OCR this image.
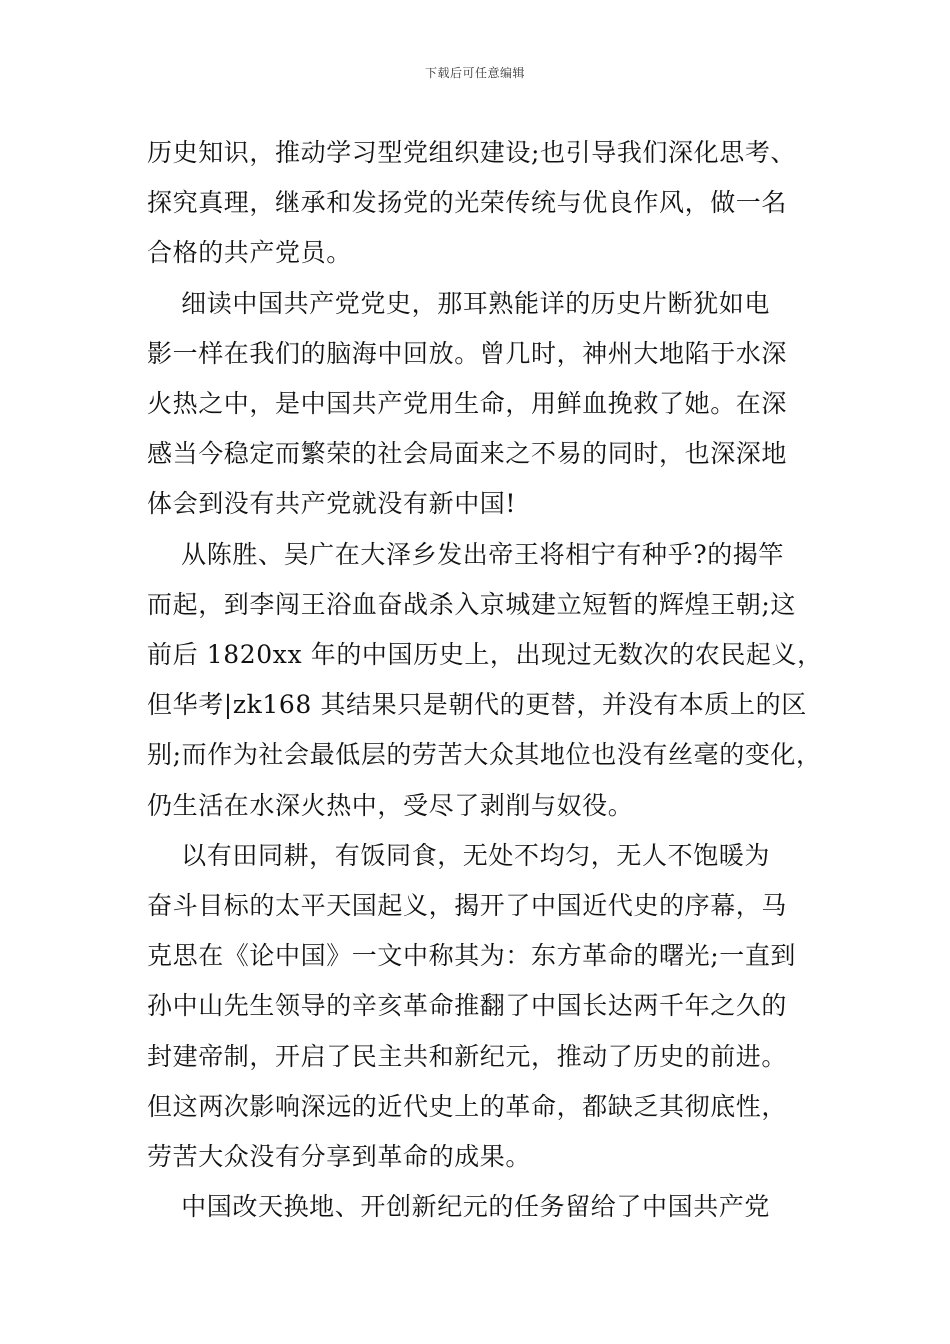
下载后可任意编辑

历史知识，推动学习型党组织建设;也引导我们深化思考、
探究真理，继承和发扬党的光荣传统与优良作风，做一名
合格的共产党员。

细读中国共产党党史，那耳熟能详的历史片断犹如电
影一样在我们的脑海中回放。曾几时，神州大地陷于水深
火热之中，是中国共产党用生命，用鲜血挽救了她。在深
感当今稳定而繁荣的社会局面来之不易的同时，也深深地
体会到没有共产党就没有新中国!

从陈胜、吴广在大泽乡发出帝王将相宁有种乎?的揭竿
而起，到李闯王浴血奋战杀入京城建立短暂的辉煌王朝;这
前后 1820xx 年的中国历史上，出现过无数次的农民起义，
但华考|zk168 其结果只是朝代的更替，并没有本质上的区
别;而作为社会最低层的劳苦大众其地位也没有丝毫的变化，
仍生活在水深火热中，受尽了剥削与奴役。

以有田同耕，有饭同食，无处不均匀，无人不饱暖为
奋斗目标的太平天国起义，揭开了中国近代史的序幕，马
克思在《论中国》一文中称其为：东方革命的曙光;一直到
孙中山先生领导的辛亥革命推翻了中国长达两千年之久的
封建帝制，开启了民主共和新纪元，推动了历史的前进。
但这两次影响深远的近代史上的革命，都缺乏其彻底性，
劳苦大众没有分享到革命的成果。

中国改天换地、开创新纪元的任务留给了中国共产党
